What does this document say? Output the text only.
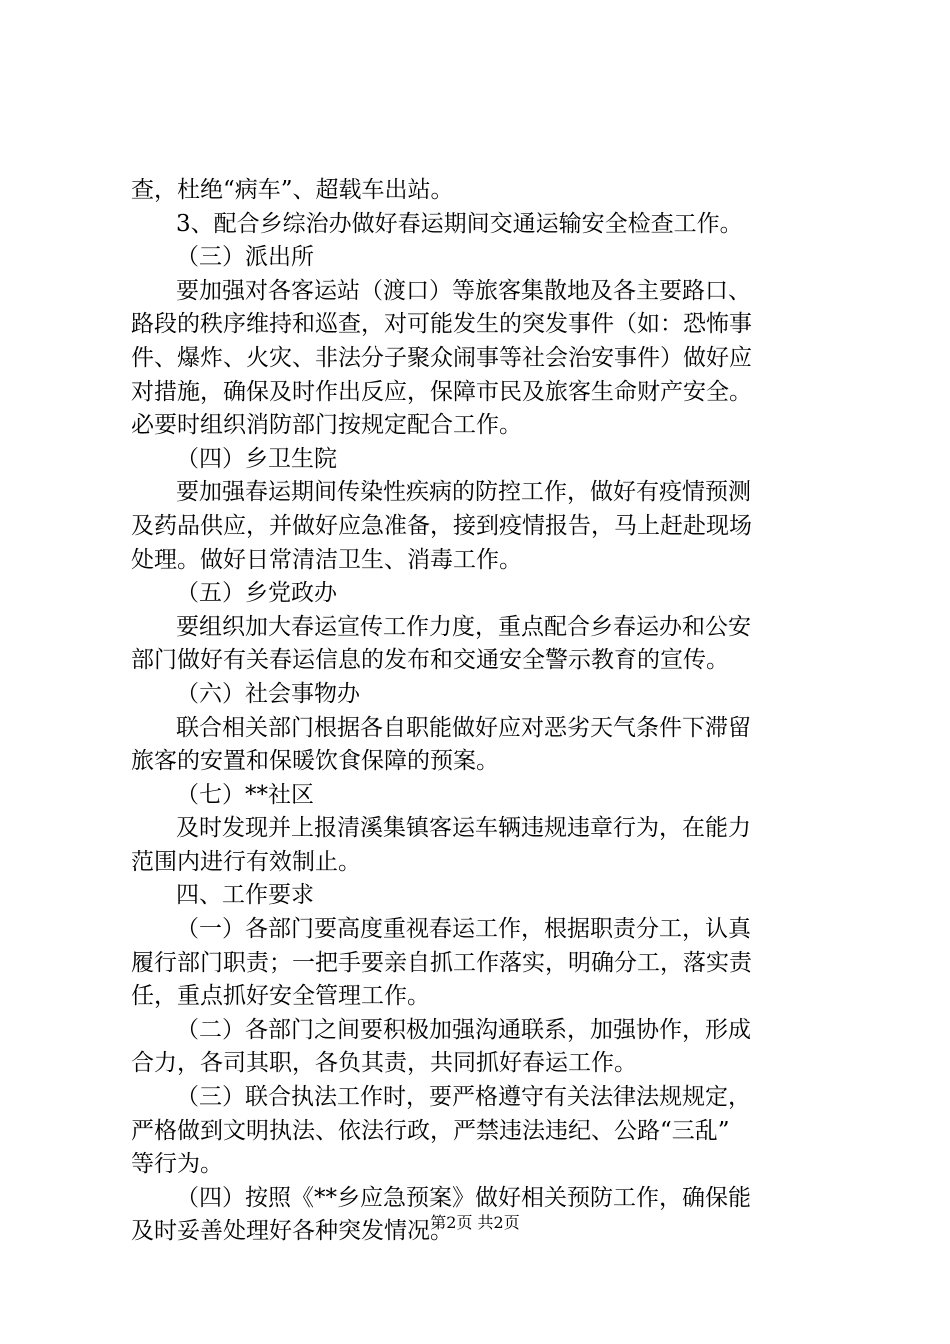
查，杜绝“病车”、超载车出站。
3、配合乡综治办做好春运期间交通运输安全检查工作。
（三）派出所
要加强对各客运站（渡口）等旅客集散地及各主要路口、
路段的秩序维持和巡查，对可能发生的突发事件（如：恐怖事
件、爆炸、火灾、非法分子聚众闹事等社会治安事件）做好应
对措施，确保及时作出反应，保障市民及旅客生命财产安全。
必要时组织消防部门按规定配合工作。
（四）乡卫生院
要加强春运期间传染性疾病的防控工作，做好有疫情预测
及药品供应，并做好应急准备，接到疫情报告，马上赶赴现场
处理。做好日常清洁卫生、消毒工作。
（五）乡党政办
要组织加大春运宣传工作力度，重点配合乡春运办和公安
部门做好有关春运信息的发布和交通安全警示教育的宣传。
（六）社会事物办
联合相关部门根据各自职能做好应对恶劣天气条件下滞留
旅客的安置和保暖饮食保障的预案。
（七）**社区
及时发现并上报清溪集镇客运车辆违规违章行为，在能力
范围内进行有效制止。
四、工作要求
（一）各部门要高度重视春运工作，根据职责分工，认真
履行部门职责；一把手要亲自抓工作落实，明确分工，落实责
任，重点抓好安全管理工作。
（二）各部门之间要积极加强沟通联系，加强协作，形成
合力，各司其职，各负其责，共同抓好春运工作。
（三）联合执法工作时，要严格遵守有关法律法规规定，
严格做到文明执法、依法行政，严禁违法违纪、公路“三乱”
等行为。
（四）按照《**乡应急预案》做好相关预防工作，确保能
及时妥善处理好各种突发情况。
第2页 共2页
